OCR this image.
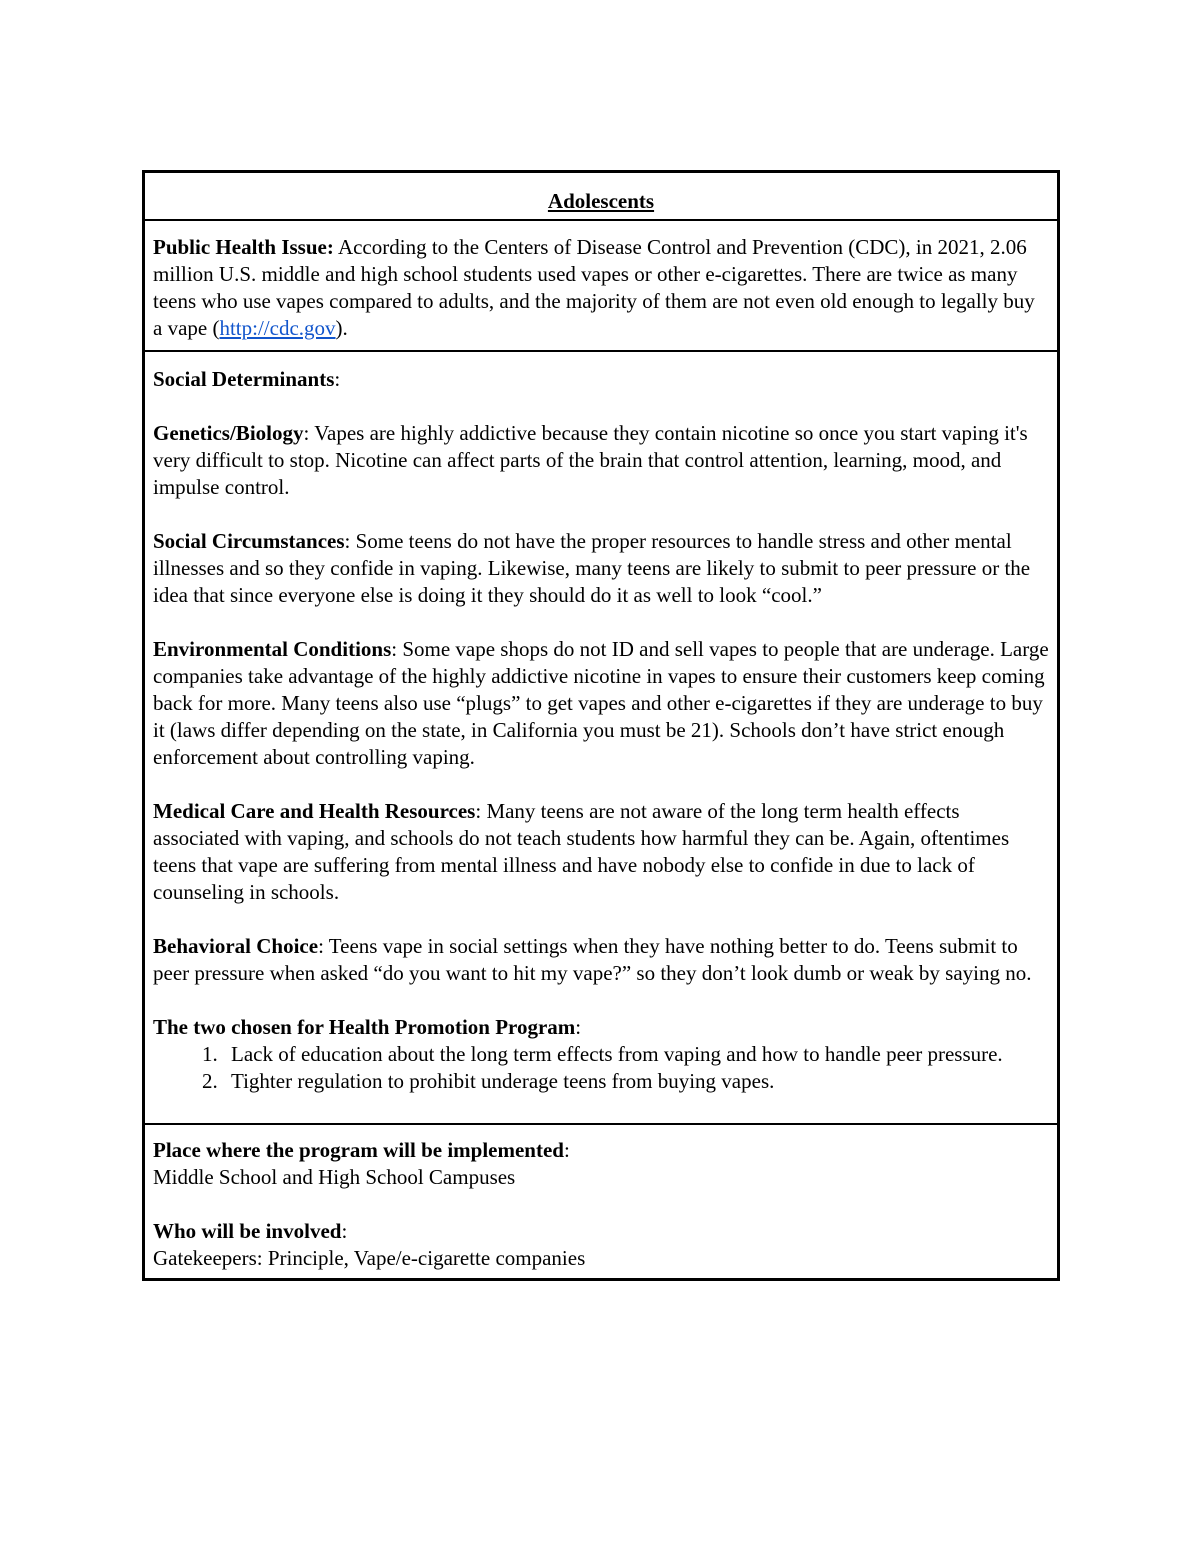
Adolescents

Public Health Issue: According to the Centers of Disease Control and Prevention (CDC), in 2021, 2.06 million U.S. middle and high school students used vapes or other e-cigarettes. There are twice as many teens who use vapes compared to adults, and the majority of them are not even old enough to legally buy a vape (http://cdc.gov).

Social Determinants:

Genetics/Biology: Vapes are highly addictive because they contain nicotine so once you start vaping it's very difficult to stop. Nicotine can affect parts of the brain that control attention, learning, mood, and impulse control.

Social Circumstances: Some teens do not have the proper resources to handle stress and other mental illnesses and so they confide in vaping. Likewise, many teens are likely to submit to peer pressure or the idea that since everyone else is doing it they should do it as well to look “cool.”

Environmental Conditions: Some vape shops do not ID and sell vapes to people that are underage. Large companies take advantage of the highly addictive nicotine in vapes to ensure their customers keep coming back for more. Many teens also use “plugs” to get vapes and other e-cigarettes if they are underage to buy it (laws differ depending on the state, in California you must be 21). Schools don’t have strict enough enforcement about controlling vaping.

Medical Care and Health Resources: Many teens are not aware of the long term health effects associated with vaping, and schools do not teach students how harmful they can be. Again, oftentimes teens that vape are suffering from mental illness and have nobody else to confide in due to lack of counseling in schools.

Behavioral Choice: Teens vape in social settings when they have nothing better to do. Teens submit to peer pressure when asked “do you want to hit my vape?” so they don’t look dumb or weak by saying no.

The two chosen for Health Promotion Program:

1. Lack of education about the long term effects from vaping and how to handle peer pressure.
2. Tighter regulation to prohibit underage teens from buying vapes.

Place where the program will be implemented:

Middle School and High School Campuses

Who will be involved:

Gatekeepers: Principle, Vape/e-cigarette companies
